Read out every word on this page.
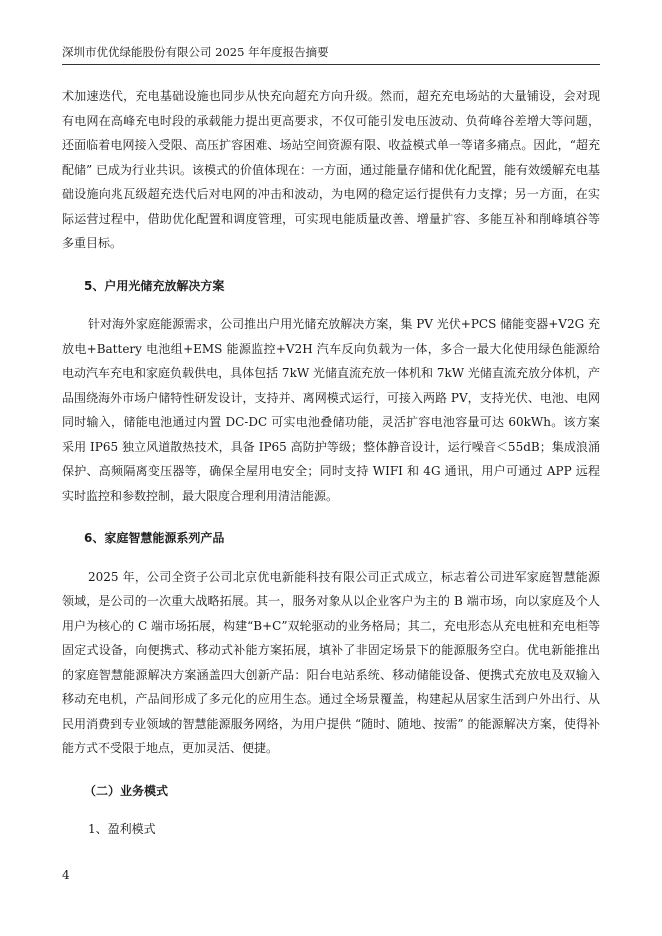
深圳市优优绿能股份有限公司 2025 年年度报告摘要

术加速迭代，充电基础设施也同步从快充向超充方向升级。然而，超充充电场站的大量铺设，会对现有电网在高峰充电时段的承载能力提出更高要求，不仅可能引发电压波动、负荷峰谷差增大等问题，还面临着电网接入受限、高压扩容困难、场站空间资源有限、收益模式单一等诸多痛点。因此，“超充配储” 已成为行业共识。该模式的价值体现在：一方面，通过能量存储和优化配置，能有效缓解充电基础设施向兆瓦级超充迭代后对电网的冲击和波动，为电网的稳定运行提供有力支撑；另一方面，在实际运营过程中，借助优化配置和调度管理，可实现电能质量改善、增量扩容、多能互补和削峰填谷等多重目标。

5、户用光储充放解决方案

针对海外家庭能源需求，公司推出户用光储充放解决方案，集 PV 光伏+PCS 储能变器+V2G 充放电+Battery 电池组+EMS 能源监控+V2H 汽车反向负载为一体，多合一最大化使用绿色能源给电动汽车充电和家庭负载供电，具体包括 7kW 光储直流充放一体机和 7kW 光储直流充放分体机，产品围绕海外市场户储特性研发设计，支持并、离网模式运行，可接入两路 PV，支持光伏、电池、电网同时输入，储能电池通过内置 DC-DC 可实电池叠储功能，灵活扩容电池容量可达 60kWh。该方案采用 IP65 独立风道散热技术，具备 IP65 高防护等级；整体静音设计，运行噪音＜55dB；集成浪涌保护、高频隔离变压器等，确保全屋用电安全；同时支持 WIFI 和 4G 通讯，用户可通过 APP 远程实时监控和参数控制，最大限度合理利用清洁能源。

6、家庭智慧能源系列产品

2025 年，公司全资子公司北京优电新能科技有限公司正式成立，标志着公司进军家庭智慧能源领域，是公司的一次重大战略拓展。其一，服务对象从以企业客户为主的 B 端市场，向以家庭及个人用户为核心的 C 端市场拓展，构建“B+C”双轮驱动的业务格局；其二，充电形态从充电桩和充电柜等固定式设备，向便携式、移动式补能方案拓展，填补了非固定场景下的能源服务空白。优电新能推出的家庭智慧能源解决方案涵盖四大创新产品：阳台电站系统、移动储能设备、便携式充放电及双输入移动充电机，产品间形成了多元化的应用生态。通过全场景覆盖，构建起从居家生活到户外出行、从民用消费到专业领域的智慧能源服务网络，为用户提供 “随时、随地、按需” 的能源解决方案，使得补能方式不受限于地点，更加灵活、便捷。

（二）业务模式

1、盈利模式

4
